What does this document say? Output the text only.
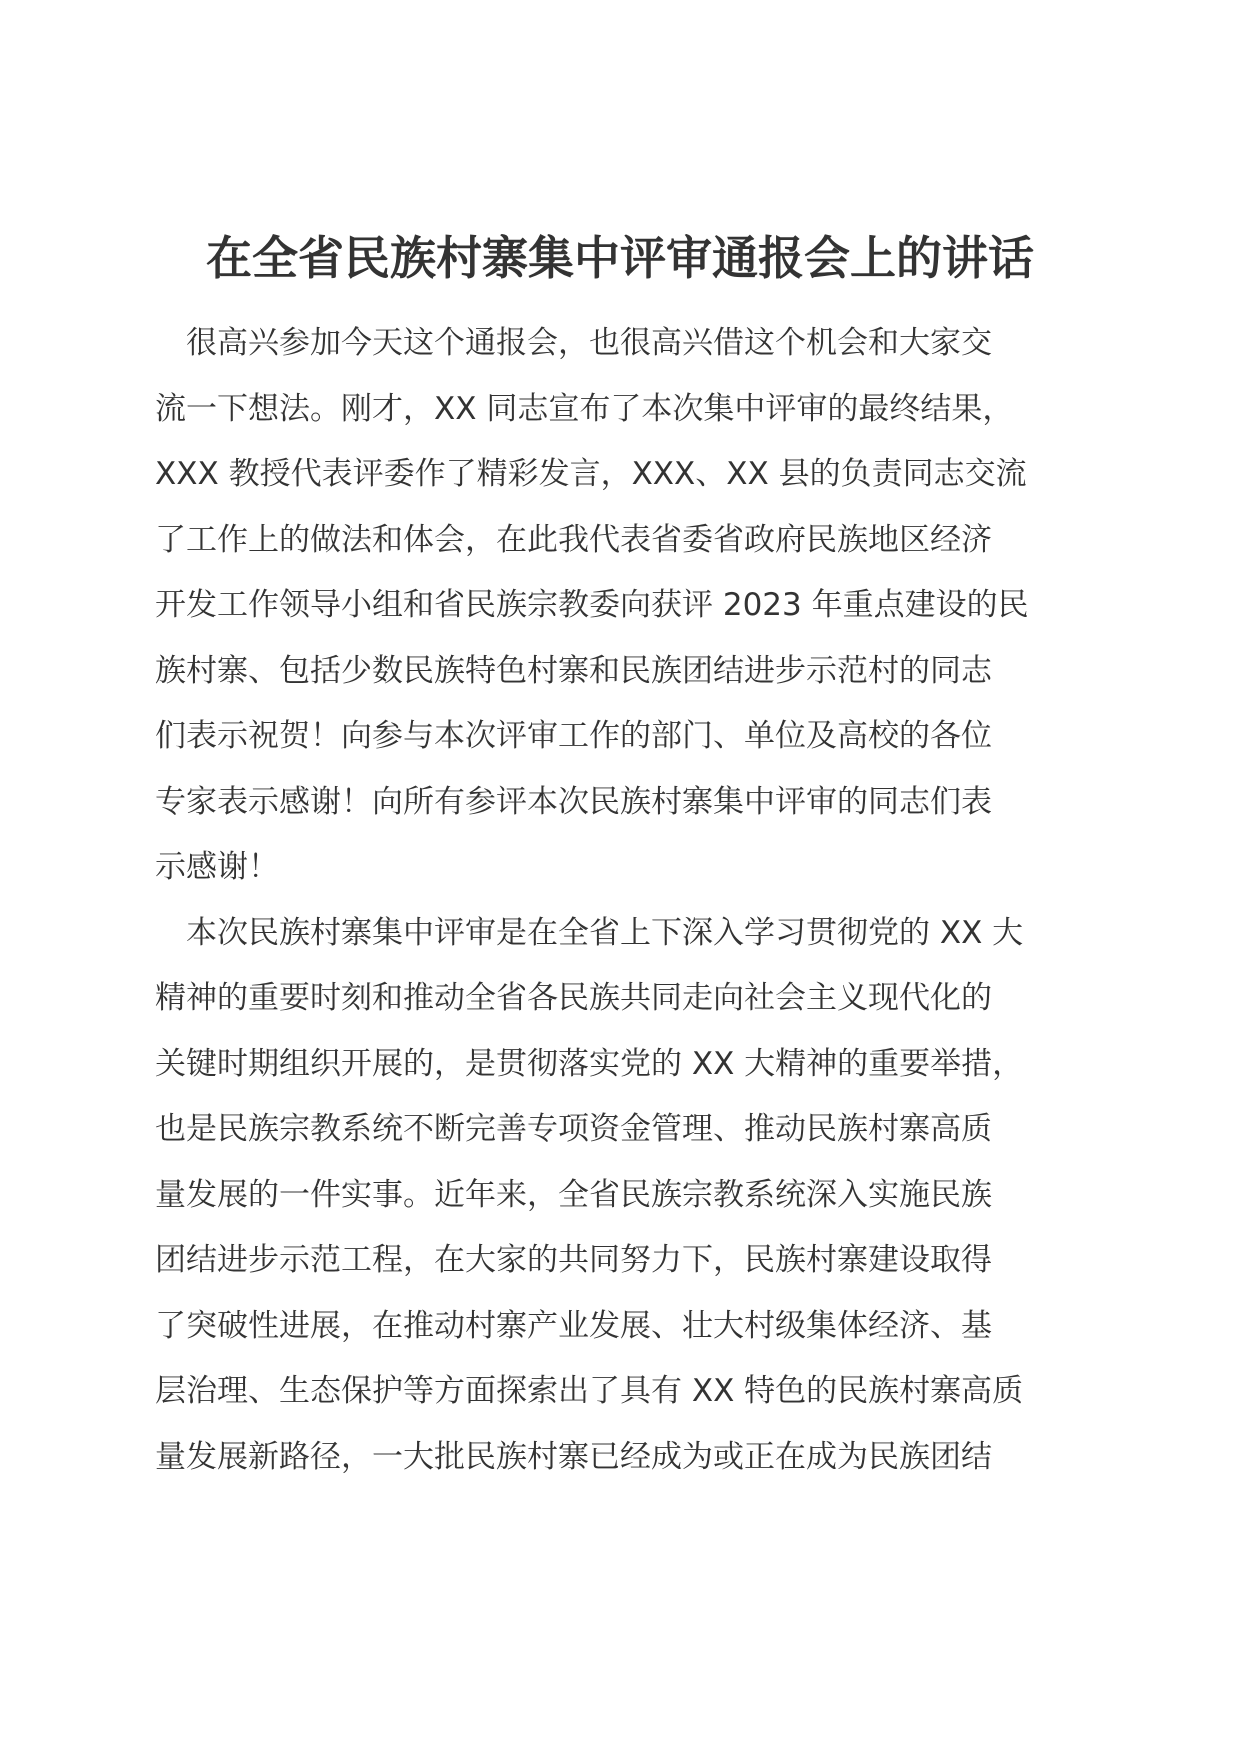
在全省民族村寨集中评审通报会上的讲话
　很高兴参加今天这个通报会，也很高兴借这个机会和大家交
流一下想法。刚才，XX 同志宣布了本次集中评审的最终结果，
XXX 教授代表评委作了精彩发言，XXX、XX 县的负责同志交流
了工作上的做法和体会，在此我代表省委省政府民族地区经济
开发工作领导小组和省民族宗教委向获评 2023 年重点建设的民
族村寨、包括少数民族特色村寨和民族团结进步示范村的同志
们表示祝贺！向参与本次评审工作的部门、单位及高校的各位
专家表示感谢！向所有参评本次民族村寨集中评审的同志们表
示感谢！
　本次民族村寨集中评审是在全省上下深入学习贯彻党的 XX 大
精神的重要时刻和推动全省各民族共同走向社会主义现代化的
关键时期组织开展的，是贯彻落实党的 XX 大精神的重要举措，
也是民族宗教系统不断完善专项资金管理、推动民族村寨高质
量发展的一件实事。近年来，全省民族宗教系统深入实施民族
团结进步示范工程，在大家的共同努力下，民族村寨建设取得
了突破性进展，在推动村寨产业发展、壮大村级集体经济、基
层治理、生态保护等方面探索出了具有 XX 特色的民族村寨高质
量发展新路径，一大批民族村寨已经成为或正在成为民族团结
